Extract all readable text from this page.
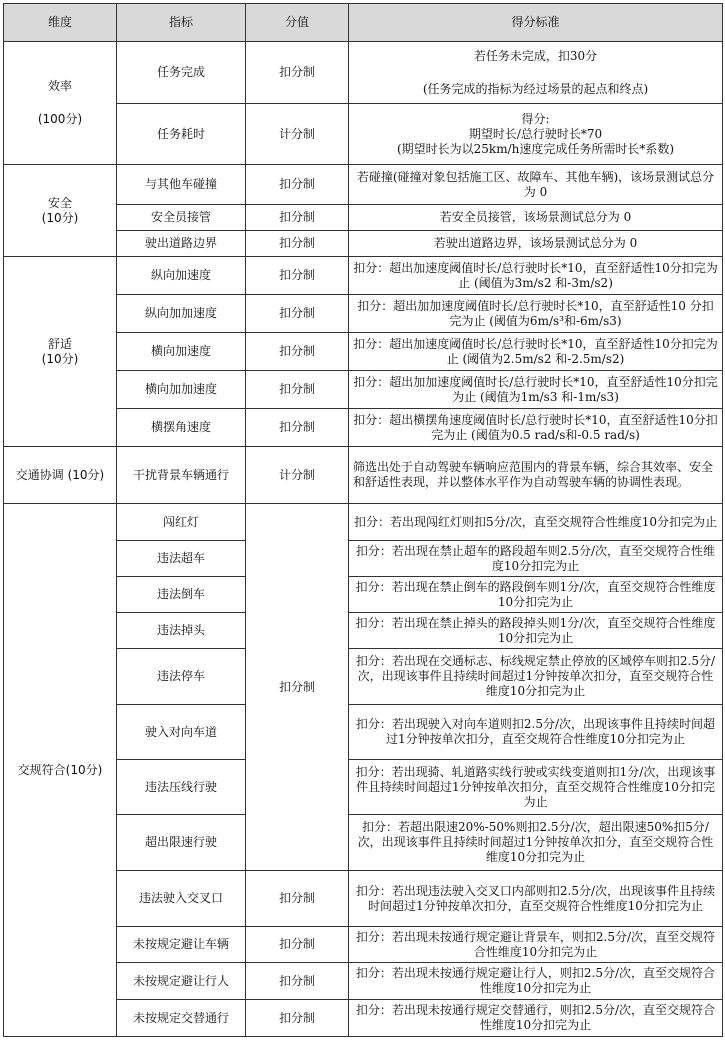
维度	指标	分值	得分标准

效率
(100分)	任务完成	扣分制	若任务未完成，扣30分
(任务完成的指标为经过场景的起点和终点)

	任务耗时	计分制	得分:
期望时长/总行驶时长*70
(期望时长为以25km/h速度完成任务所需时长*系数)

安全
(10分)	与其他车碰撞	扣分制	若碰撞(碰撞对象包括施工区、故障车、其他车辆)，该场景测试总分为 0
	安全员接管	扣分制	若安全员接管，该场景测试总分为 0
	驶出道路边界	扣分制	若驶出道路边界，该场景测试总分为 0

舒适
(10分)	纵向加速度	扣分制	扣分：超出加速度阈值时长/总行驶时长*10，直至舒适性10分扣完为止 (阈值为3m/s2 和-3m/s2)
	纵向加加速度	扣分制	扣分：超出加加速度阈值时长/总行驶时长*10，直至舒适性10 分扣完为止 (阈值为6m/s³和-6m/s3)
	横向加速度	扣分制	扣分：超出加速度阈值时长/总行驶时长*10，直至舒适性10分扣完为止 (阈值为2.5m/s2 和-2.5m/s2)
	横向加加速度	扣分制	扣分：超出加加速度阈值时长/总行驶时长*10，直至舒适性10分扣完为止 (阈值为1m/s3 和-1m/s3)
	横摆角速度	扣分制	扣分：超出横摆角速度阈值时长/总行驶时长*10，直至舒适性10分扣完为止 (阈值为0.5 rad/s和-0.5 rad/s)
交通协调 (10分)	干扰背景车辆通行	计分制	筛选出处于自动驾驶车辆响应范围内的背景车辆，综合其效率、安全和舒适性表现，并以整体水平作为自动驾驶车辆的协调性表现。
交规符合(10分)	闯红灯	扣分制	扣分：若出现闯红灯则扣5分/次，直至交规符合性维度10分扣完为止
	违法超车		扣分：若出现在禁止超车的路段超车则2.5分/次，直至交规符合性维度10分扣完为止
	违法倒车		扣分：若出现在禁止倒车的路段倒车则1分/次，直至交规符合性维度10分扣完为止
	违法掉头		扣分：若出现在禁止掉头的路段掉头则1分/次，直至交规符合性维度10分扣完为止
	违法停车		扣分：若出现在交通标志、标线规定禁止停放的区域停车则扣2.5分/次，出现该事件且持续时间超过1分钟按单次扣分，直至交规符合性维度10分扣完为止
	驶入对向车道		扣分：若出现驶入对向车道则扣2.5分/次，出现该事件且持续时间超过1分钟按单次扣分，直至交规符合性维度10分扣完为止
	违法压线行驶		扣分：若出现骑、轧道路实线行驶或实线变道则扣1分/次，出现该事件且持续时间超过1分钟按单次扣分，直至交规符合性维度10分扣完为止
	超出限速行驶		扣分：若超出限速20%-50%则扣2.5分/次，超出限速50%扣5分/次，出现该事件且持续时间超过1分钟按单次扣分，直至交规符合性维度10分扣完为止
	违法驶入交叉口	扣分制	扣分：若出现违法驶入交叉口内部则扣2.5分/次，出现该事件且持续时间超过1分钟按单次扣分，直至交规符合性维度10分扣完为止
	未按规定避让车辆	扣分制	扣分：若出现未按通行规定避让背景车，则扣2.5分/次，直至交规符合性维度10分扣完为止
	未按规定避让行人	扣分制	扣分：若出现未按通行规定避让行人，则扣2.5分/次，直至交规符合性维度10分扣完为止
	未按规定交替通行	扣分制	扣分：若出现未按通行规定交替通行，则扣2.5分/次，直至交规符合性维度10分扣完为止
